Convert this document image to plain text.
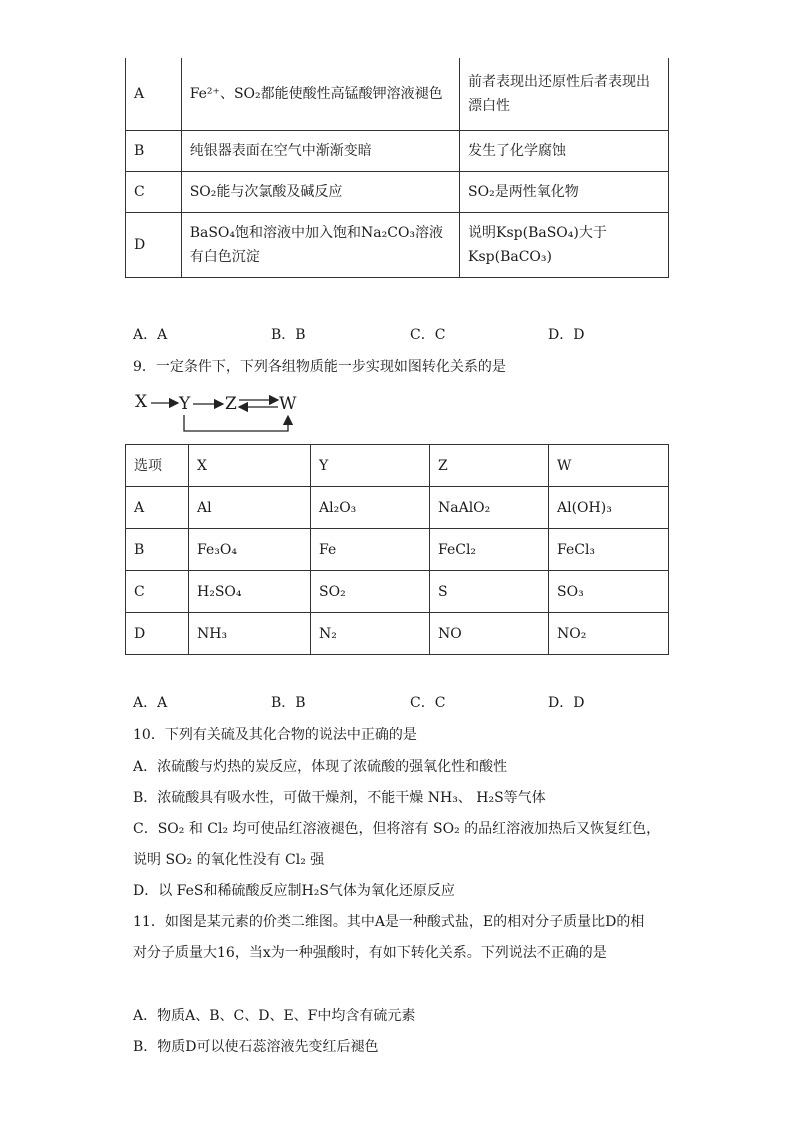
A	Fe²⁺、SO₂都能使酸性高锰酸钾溶液褪色	前者表现出还原性后者表现出漂白性
B	纯银器表面在空气中渐渐变暗	发生了化学腐蚀
C	SO₂能与次氯酸及碱反应	SO₂是两性氧化物
D	BaSO₄饱和溶液中加入饱和Na₂CO₃溶液有白色沉淀	说明Ksp(BaSO₄)大于Ksp(BaCO₃)
A．A	B．B	C．C	D．D
9．一定条件下，下列各组物质能一步实现如图转化关系的是
X Y Z W
选项	X	Y	Z	W
A	Al	Al₂O₃	NaAlO₂	Al(OH)₃
B	Fe₃O₄	Fe	FeCl₂	FeCl₃
C	H₂SO₄	SO₂	S	SO₃
D	NH₃	N₂	NO	NO₂
A．A	B．B	C．C	D．D
10．下列有关硫及其化合物的说法中正确的是
A．浓硫酸与灼热的炭反应，体现了浓硫酸的强氧化性和酸性
B．浓硫酸具有吸水性，可做干燥剂，不能干燥 NH₃、 H₂S等气体
C．SO₂ 和 Cl₂ 均可使品红溶液褪色，但将溶有 SO₂ 的品红溶液加热后又恢复红色，
说明 SO₂ 的氧化性没有 Cl₂ 强
D．以 FeS和稀硫酸反应制H₂S气体为氧化还原反应
11．如图是某元素的价类二维图。其中A是一种酸式盐，E的相对分子质量比D的相
对分子质量大16，当x为一种强酸时，有如下转化关系。下列说法不正确的是
A．物质A、B、C、D、E、F中均含有硫元素
B．物质D可以使石蕊溶液先变红后褪色
